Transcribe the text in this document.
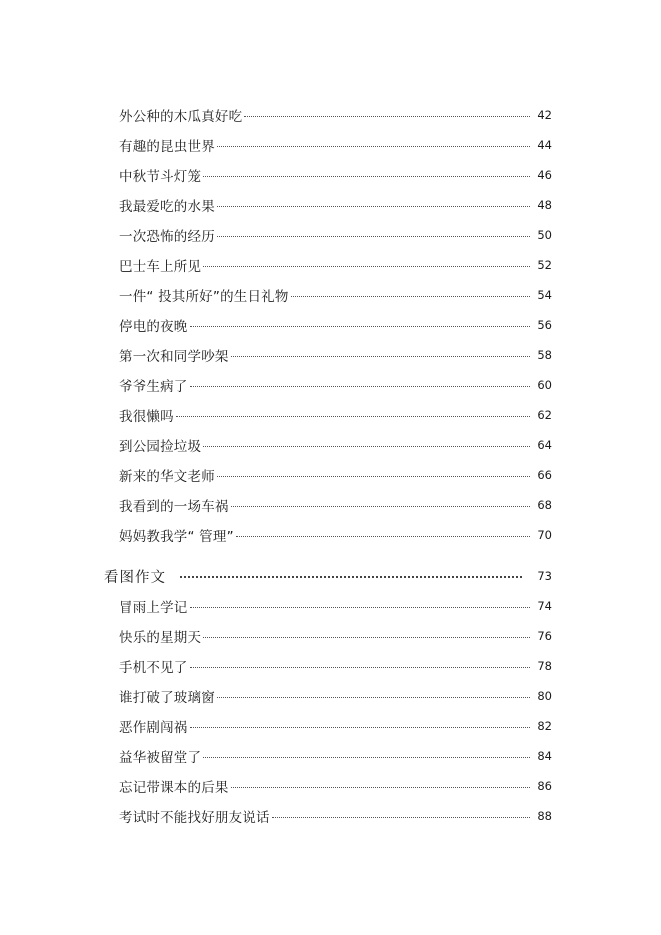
外公种的木瓜真好吃	42
有趣的昆虫世界	44
中秋节斗灯笼	46
我最爱吃的水果	48
一次恐怖的经历	50
巴士车上所见	52
一件“ 投其所好”的生日礼物	54
停电的夜晚	56
第一次和同学吵架	58
爷爷生病了	60
我很懒吗	62
到公园捡垃圾	64
新来的华文老师	66
我看到的一场车祸	68
妈妈教我学“ 管理”	70
看图作文	73
冒雨上学记	74
快乐的星期天	76
手机不见了	78
谁打破了玻璃窗	80
恶作剧闯祸	82
益华被留堂了	84
忘记带课本的后果	86
考试时不能找好朋友说话	88
